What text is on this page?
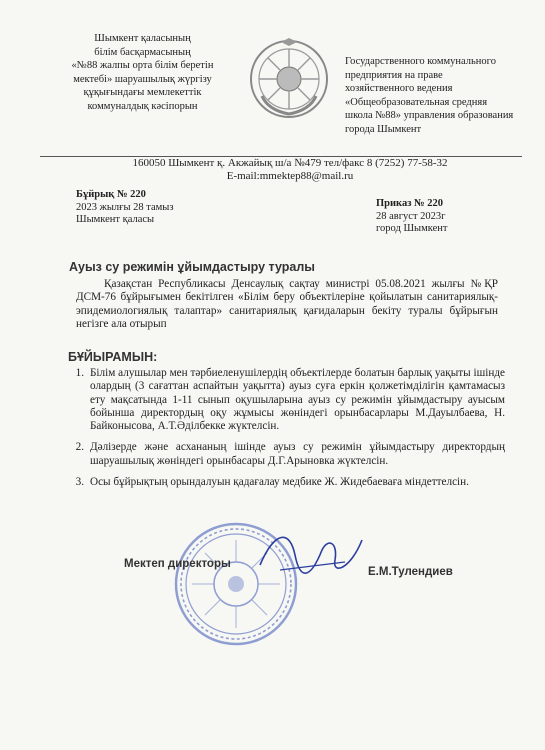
Шымкент қаласының
білім басқармасының
«№88 жалпы орта білім беретін
мектебі» шаруашылық жүргізу
құқығындағы мемлекеттік
коммуналдық кәсіпорын
Государственного коммунального
предприятия на праве
хозяйственного ведения
«Общеобразовательная средняя
школа №88» управления образования
города Шымкент
160050 Шымкент қ. Акжайық ш/а №479 тел/факс 8 (7252) 77-58-32
E-mail:mmektep88@mail.ru
Бұйрық № 220
2023 жылғы 28 тамыз
Шымкент қаласы
Приказ № 220
28 август 2023г
город Шымкент
Ауыз су режимін ұйымдастыру туралы
Қазақстан Республикасы Денсаулық сақтау министрі 05.08.2021 жылғы №ҚР ДСМ-76 бұйрығымен бекітілген «Білім беру объектілеріне қойылатын санитариялық-эпидемиологиялық талаптар» санитариялық қағидаларын бекіту туралы бұйрығын негізге ала отырып
БҰЙЫРАМЫН:
1. Білім алушылар мен тәрбиеленушілердің объектілерде болатын барлық уақыты ішінде олардың (3 сағаттан аспайтын уақытта) ауыз суға еркін қолжетімділігін қамтамасыз ету мақсатында 1-11 сынып оқушыларына ауыз су режимін ұйымдастыру ауысым бойынша директордың оқу жұмысы жөніндегі орынбасарлары М.Дауылбаева, Н. Байконысова, А.Т.Әділбекке жүктелсін.
2. Дәлізерде және асхананың ішінде ауыз су режимін ұйымдастыру директордың шаруашылық жөніндегі орынбасары Д.Г.Арыновка жүктелсін.
3. Осы бұйрықтың орындалуын қадағалау медбике Ж. Жидебаеваға міндеттелсін.
Мектеп директоры
Е.М.Тулендиев
